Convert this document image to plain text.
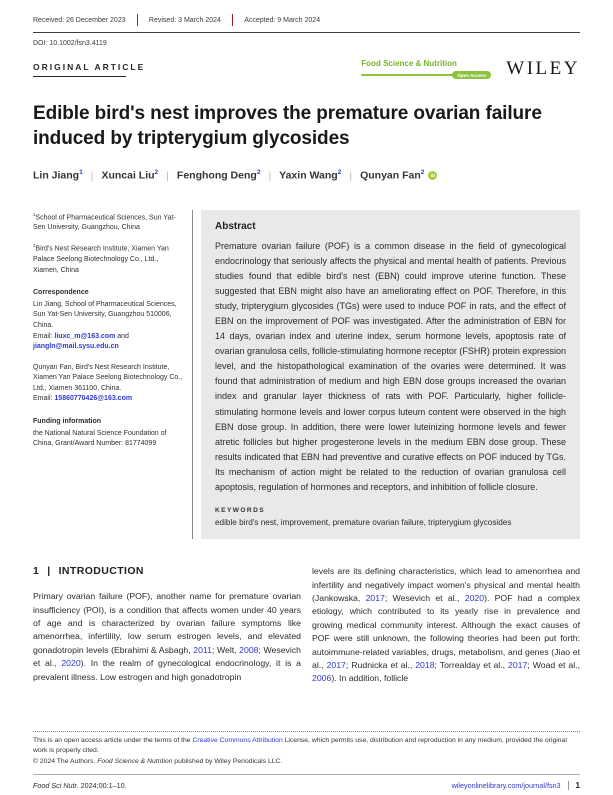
Received: 26 December 2023	Revised: 3 March 2024	Accepted: 9 March 2024
DOI: 10.1002/fsn3.4119
ORIGINAL ARTICLE	Food Science & Nutrition
Open Access WILEY
Edible bird's nest improves the premature ovarian failure induced by tripterygium glycosides
Lin Jiang$^1$ | Xuncai Liu$^2$ | Fenghong Deng$^2$ | Yaxin Wang$^2$ | Qunyan Fan$^2$ iD

$^1$School of Pharmaceutical Sciences, Sun Yat-Sen University, Guangzhou, China

$^2$Bird's Nest Research Institute, Xiamen Yan Palace Seelong Biotechnology Co., Ltd., Xiamen, China

Correspondence

Lin Jiang, School of Pharmaceutical Sciences, Sun Yat-Sen University, Guangzhou 510006, China.
Email: liuxc_m@163.com and jiangln@mail.sysu.edu.cn

Qunyan Fan, Bird's Nest Research Institute, Xiamen Yan Palace Seelong Biotechnology Co., Ltd., Xiamen 361100, China.
Email: 15860770426@163.com

Funding information

the National Natural Science Foundation of China, Grant/Award Number: 81774099

Abstract

Premature ovarian failure (POF) is a common disease in the field of gynecological endocrinology that seriously affects the physical and mental health of patients. Previous studies found that edible bird's nest (EBN) could improve uterine function. These suggested that EBN might also have an ameliorating effect on POF. Therefore, in this study, tripterygium glycosides (TGs) were used to induce POF in rats, and the effect of EBN on the improvement of POF was investigated. After the administration of EBN for 14 days, ovarian index and uterine index, serum hormone levels, apoptosis rate of ovarian granulosa cells, follicle-stimulating hormone receptor (FSHR) protein expression level, and the histopathological examination of the ovaries were determined. It was found that administration of medium and high EBN dose groups increased the ovarian index and granular layer thickness of rats with POF. Particularly, higher follicle-stimulating hormone levels and lower corpus luteum content were observed in the high EBN dose group. In addition, there were lower luteinizing hormone levels and fewer atretic follicles but higher progesterone levels in the medium EBN dose group. These results indicated that EBN had preventive and curative effects on POF induced by TGs. Its mechanism of action might be related to the reduction of ovarian granulosa cell apoptosis, regulation of hormones and receptors, and inhibition of follicle closure.

KEYWORDS
edible bird's nest, improvement, premature ovarian failure, tripterygium glycosides
1 | INTRODUCTION

Primary ovarian failure (POF), another name for premature ovarian insufficiency (POI), is a condition that affects women under 40 years of age and is characterized by ovarian failure symptoms like amenorrhea, infertility, low serum estrogen levels, and elevated gonadotropin levels (Ebrahimi & Asbagh, 2011; Welt, 2008; Wesevich et al., 2020). In the realm of gynecological endocrinology, it is a prevalent illness. Low estrogen and high gonadotropin

levels are its defining characteristics, which lead to amenorrhea and infertility and negatively impact women's physical and mental health (Jankowska, 2017; Wesevich et al., 2020). POF had a complex etiology, which contributed to its yearly rise in prevalence and growing medical community interest. Although the exact causes of POF were still unknown, the following theories had been put forth: autoimmune-related variables, drugs, metabolism, and genes (Jiao et al., 2017; Rudnicka et al., 2018; Torrealday et al., 2017; Woad et al., 2006). In addition, follicle

This is an open access article under the terms of the Creative Commons Attribution License, which permits use, distribution and reproduction in any medium, provided the original work is properly cited.

© 2024 The Authors. Food Science & Nutrition published by Wiley Periodicals LLC.

Food Sci Nutr. 2024;00:1–10.	wileyonlinelibrary.com/journal/fsn3 1
